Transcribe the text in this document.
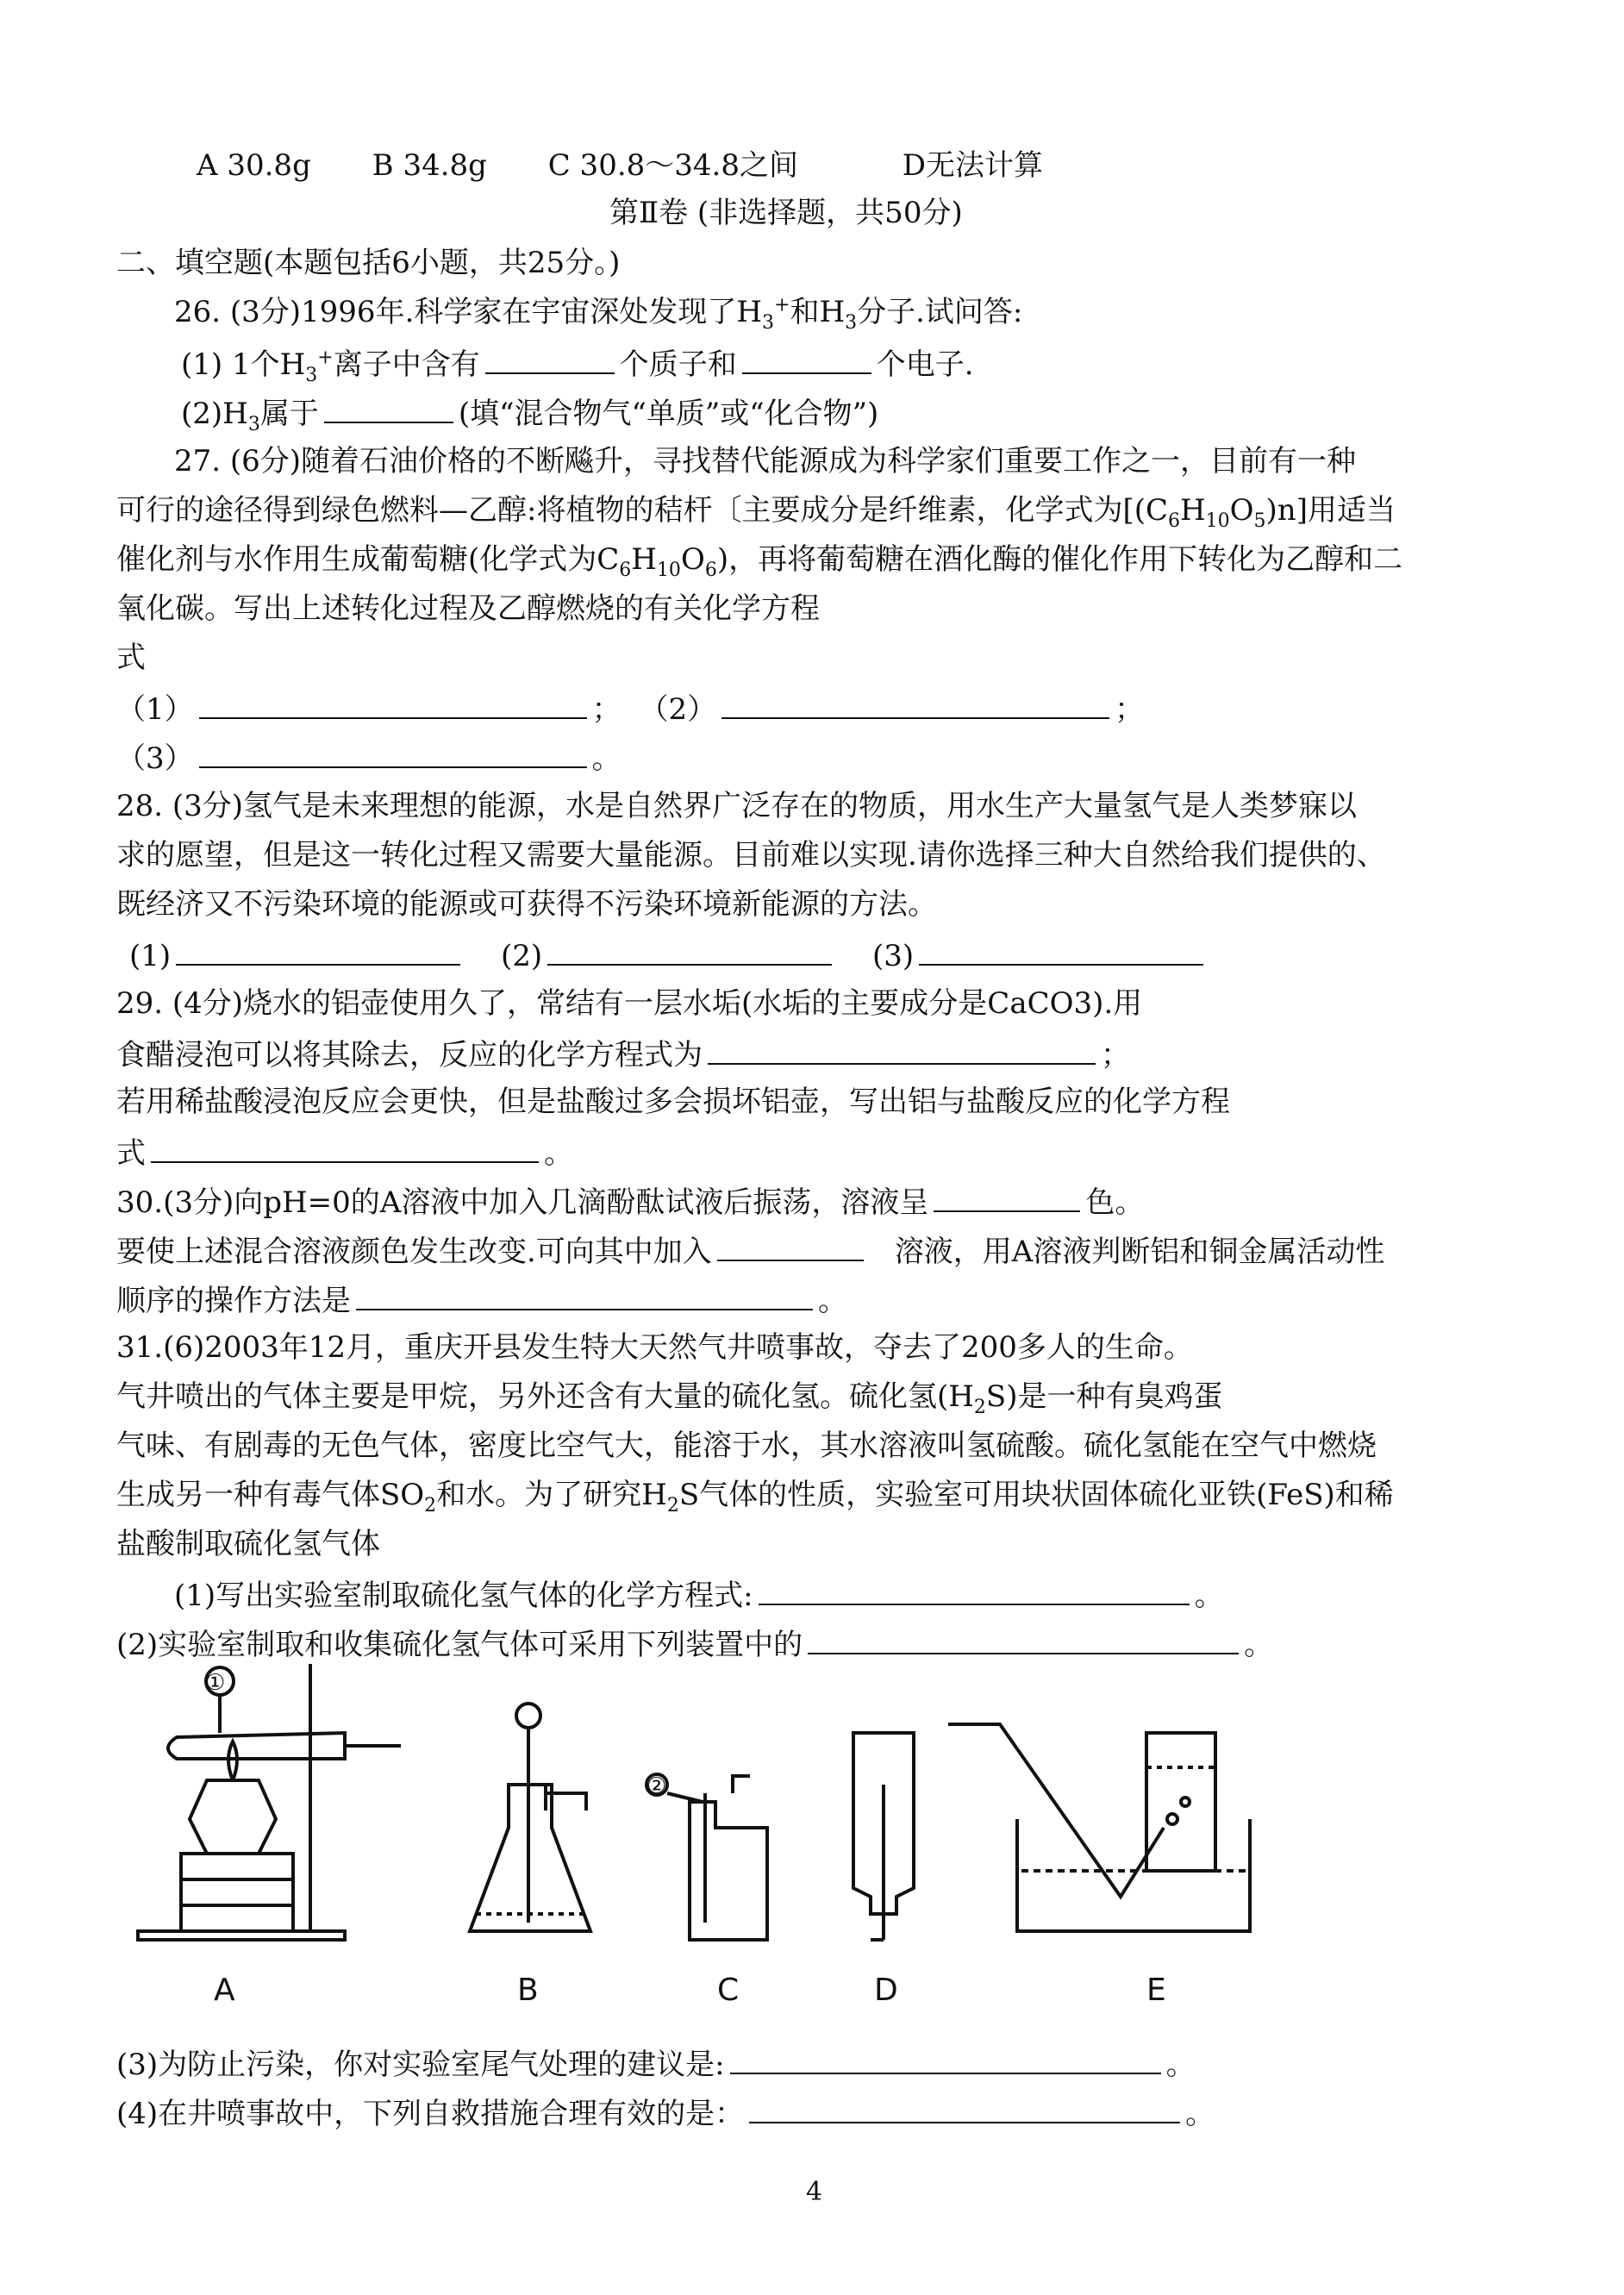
A 30.8g B 34.8g C 30.8～34.8之间	D无法计算
第Ⅱ卷 (非选择题，共50分)
二、填空题(本题包括6小题，共25分。)
26. (3分)1996年.科学家在宇宙深处发现了$H_3^+$和$H_3$分子.试问答:
(1) 1个$H_3^+$离子中含有	个质子和	个电子.
$(2)H_3$属于	(填“混合物气“单质”或“化合物”)
27. (6分)随着石油价格的不断飚升，寻找替代能源成为科学家们重要工作之一，目前有一种
可行的途径得到绿色燃料—乙醇:将植物的秸杆〔主要成分是纤维素，化学式为$[(C_6H_{10}O_5)n]$用适当
催化剂与水作用生成葡萄糖(化学式为$C_6H_{10}O_6$)，再将葡萄糖在酒化酶的催化作用下转化为乙醇和二
氧化碳。写出上述转化过程及乙醇燃烧的有关化学方程
式
（1）	； （2）	；
（3）	。
28. (3分)氢气是未来理想的能源，水是自然界广泛存在的物质，用水生产大量氢气是人类梦寐以
求的愿望，但是这一转化过程又需要大量能源。目前难以实现.请你选择三种大自然给我们提供的、
既经济又不污染环境的能源或可获得不污染环境新能源的方法。
(1)	(2)	(3)
29. (4分)烧水的铝壶使用久了，常结有一层水垢(水垢的主要成分是CaCO3).用
食醋浸泡可以将其除去，反应的化学方程式为	；
若用稀盐酸浸泡反应会更快，但是盐酸过多会损坏铝壶，写出铝与盐酸反应的化学方程
式	。
30.(3分)向pH=0的A溶液中加入几滴酚酞试液后振荡，溶液呈	色。
要使上述混合溶液颜色发生改变.可向其中加入	溶液，用A溶液判断铝和铜金属活动性
顺序的操作方法是	。
31.(6)2003年12月，重庆开县发生特大天然气井喷事故，夺去了200多人的生命。
气井喷出的气体主要是甲烷，另外还含有大量的硫化氢。硫化氢$(H_2S)$是一种有臭鸡蛋
气味、有剧毒的无色气体，密度比空气大，能溶于水，其水溶液叫氢硫酸。硫化氢能在空气中燃烧
生成另一种有毒气体$SO_2$和水。为了研究$H_2S$气体的性质，实验室可用块状固体硫化亚铁(FeS)和稀
盐酸制取硫化氢气体
(1)写出实验室制取硫化氢气体的化学方程式:	。
(2)实验室制取和收集硫化氢气体可采用下列装置中的	。
①
②
A	B	C	D	E
(3)为防止污染，你对实验室尾气处理的建议是:	。
(4)在井喷事故中，下列自救措施合理有效的是：	。
4
